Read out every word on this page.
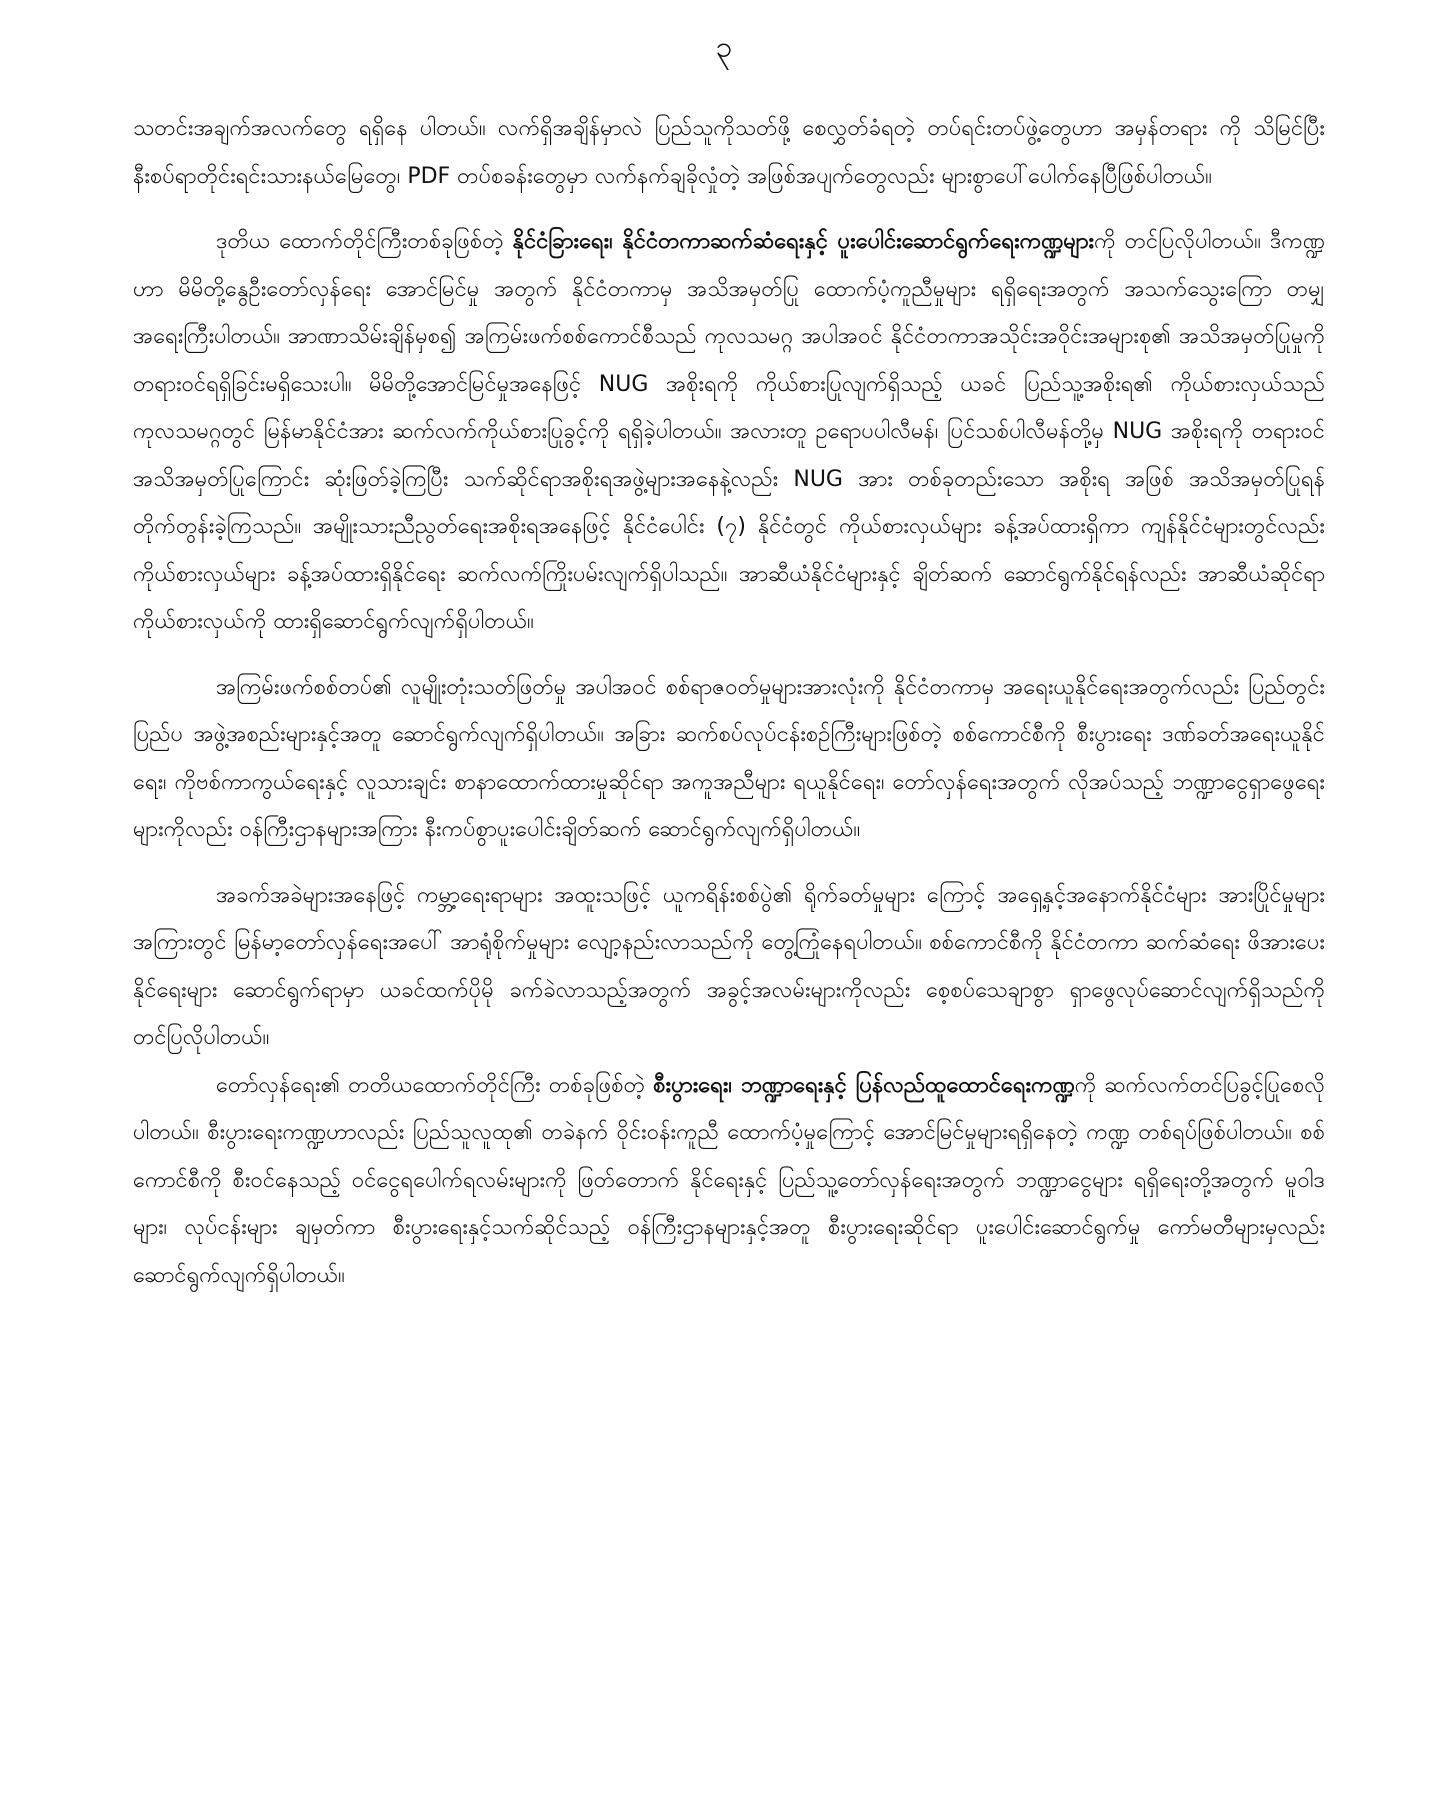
၃

သတင်းအချက်အလက်တွေ ရရှိနေ ပါတယ်။ လက်ရှိအချိန်မှာလဲ ပြည်သူကိုသတ်ဖို့ စေလွှတ်ခံရတဲ့ တပ်ရင်းတပ်ဖွဲ့တွေဟာ အမှန်တရား ကို သိမြင်ပြီး နီးစပ်ရာတိုင်းရင်းသားနယ်မြေတွေ၊ PDF တပ်စခန်းတွေမှာ လက်နက်ချခိုလှုံတဲ့ အဖြစ်အပျက်တွေလည်း များစွာပေါ်ပေါက်နေပြီဖြစ်ပါတယ်။

ဒုတိယ ထောက်တိုင်ကြီးတစ်ခုဖြစ်တဲ့ နိုင်ငံခြားရေး၊ နိုင်ငံတကာဆက်ဆံရေးနှင့် ပူးပေါင်းဆောင်ရွက်ရေးကဏ္ဍများကို တင်ပြလိုပါတယ်။ ဒီကဏ္ဍဟာ မိမိတို့နွေဦးတော်လှန်ရေး အောင်မြင်မှု အတွက် နိုင်ငံတကာမှ အသိအမှတ်ပြု ထောက်ပံ့ကူညီမှုများ ရရှိရေးအတွက် အသက်သွေးကြော တမျှ အရေးကြီးပါတယ်။ အာဏာသိမ်းချိန်မှစ၍ အကြမ်းဖက်စစ်ကောင်စီသည် ကုလသမဂ္ဂ အပါအဝင် နိုင်ငံတကာအသိုင်းအဝိုင်းအများစု၏ အသိအမှတ်ပြုမှုကို တရားဝင်ရရှိခြင်းမရှိသေးပါ။ မိမိတို့အောင်မြင်မှုအနေဖြင့် NUG အစိုးရကို ကိုယ်စားပြုလျက်ရှိသည့် ယခင် ပြည်သူ့အစိုးရ၏ ကိုယ်စားလှယ်သည် ကုလသမဂ္ဂတွင် မြန်မာနိုင်ငံအား ဆက်လက်ကိုယ်စားပြုခွင့်ကို ရရှိခဲ့ပါတယ်။ အလားတူ ဥရောပပါလီမန်၊ ပြင်သစ်ပါလီမန်တို့မှ NUG အစိုးရကို တရားဝင် အသိအမှတ်ပြုကြောင်း ဆုံးဖြတ်ခဲ့ကြပြီး သက်ဆိုင်ရာအစိုးရအဖွဲ့များအနေနဲ့လည်း NUG အား တစ်ခုတည်းသော အစိုးရ အဖြစ် အသိအမှတ်ပြုရန် တိုက်တွန်းခဲ့ကြသည်။ အမျိုးသားညီညွတ်ရေးအစိုးရအနေဖြင့် နိုင်ငံပေါင်း (၇) နိုင်ငံတွင် ကိုယ်စားလှယ်များ ခန့်အပ်ထားရှိကာ ကျန်နိုင်ငံများတွင်လည်း ကိုယ်စားလှယ်များ ခန့်အပ်ထားရှိနိုင်ရေး ဆက်လက်ကြိုးပမ်းလျက်ရှိပါသည်။ အာဆီယံနိုင်ငံများနှင့် ချိတ်ဆက် ဆောင်ရွက်နိုင်ရန်လည်း အာဆီယံဆိုင်ရာကိုယ်စားလှယ်ကို ထားရှိဆောင်ရွက်လျက်ရှိပါတယ်။

အကြမ်းဖက်စစ်တပ်၏ လူမျိုးတုံးသတ်ဖြတ်မှု အပါအဝင် စစ်ရာဇဝတ်မှုများအားလုံးကို နိုင်ငံတကာမှ အရေးယူနိုင်ရေးအတွက်လည်း ပြည်တွင်းပြည်ပ အဖွဲ့အစည်းများနှင့်အတူ ဆောင်ရွက်လျက်ရှိပါတယ်။ အခြား ဆက်စပ်လုပ်ငန်းစဉ်ကြီးများဖြစ်တဲ့ စစ်ကောင်စီကို စီးပွားရေး ဒဏ်ခတ်အရေးယူနိုင်ရေး၊ ကိုဗစ်ကာကွယ်ရေးနှင့် လူသားချင်း စာနာထောက်ထားမှုဆိုင်ရာ အကူအညီများ ရယူနိုင်ရေး၊ တော်လှန်ရေးအတွက် လိုအပ်သည့် ဘဏ္ဍာငွေရှာဖွေရေးများကိုလည်း ဝန်ကြီးဌာနများအကြား နီးကပ်စွာပူးပေါင်းချိတ်ဆက် ဆောင်ရွက်လျက်ရှိပါတယ်။

အခက်အခဲများအနေဖြင့် ကမ္ဘာ့ရေးရာများ အထူးသဖြင့် ယူကရိန်းစစ်ပွဲ၏ ရိုက်ခတ်မှုများ ကြောင့် အရှေ့နှင့်အနောက်နိုင်ငံများ အားပြိုင်မှုများအကြားတွင် မြန်မာ့တော်လှန်ရေးအပေါ် အာရုံစိုက်မှုများ လျော့နည်းလာသည်ကို တွေ့ကြုံနေရပါတယ်။ စစ်ကောင်စီကို နိုင်ငံတကာ ဆက်ဆံရေး ဖိအားပေးနိုင်ရေးများ ဆောင်ရွက်ရာမှာ ယခင်ထက်ပိုမို ခက်ခဲလာသည့်အတွက် အခွင့်အလမ်းများကိုလည်း စေ့စပ်သေချာစွာ ရှာဖွေလုပ်ဆောင်လျက်ရှိသည်ကို တင်ပြလိုပါတယ်။

တော်လှန်ရေး၏ တတိယထောက်တိုင်ကြီး တစ်ခုဖြစ်တဲ့ စီးပွားရေး၊ ဘဏ္ဍာရေးနှင့် ပြန်လည်ထူထောင်ရေးကဏ္ဍကို ဆက်လက်တင်ပြခွင့်ပြုစေလိုပါတယ်။ စီးပွားရေးကဏ္ဍဟာလည်း ပြည်သူလူထု၏ တခဲနက် ဝိုင်းဝန်းကူညီ ထောက်ပံ့မှုကြောင့် အောင်မြင်မှုများရရှိနေတဲ့ ကဏ္ဍ တစ်ရပ်ဖြစ်ပါတယ်။ စစ်ကောင်စီကို စီးဝင်နေသည့် ဝင်ငွေရပေါက်ရလမ်းများကို ဖြတ်တောက် နိုင်ရေးနှင့် ပြည်သူ့တော်လှန်ရေးအတွက် ဘဏ္ဍာငွေများ ရရှိရေးတို့အတွက် မူဝါဒများ၊ လုပ်ငန်းများ ချမှတ်ကာ စီးပွားရေးနှင့်သက်ဆိုင်သည့် ဝန်ကြီးဌာနများနှင့်အတူ စီးပွားရေးဆိုင်ရာ ပူးပေါင်းဆောင်ရွက်မှု ကော်မတီများမှလည်း ဆောင်ရွက်လျက်ရှိပါတယ်။
